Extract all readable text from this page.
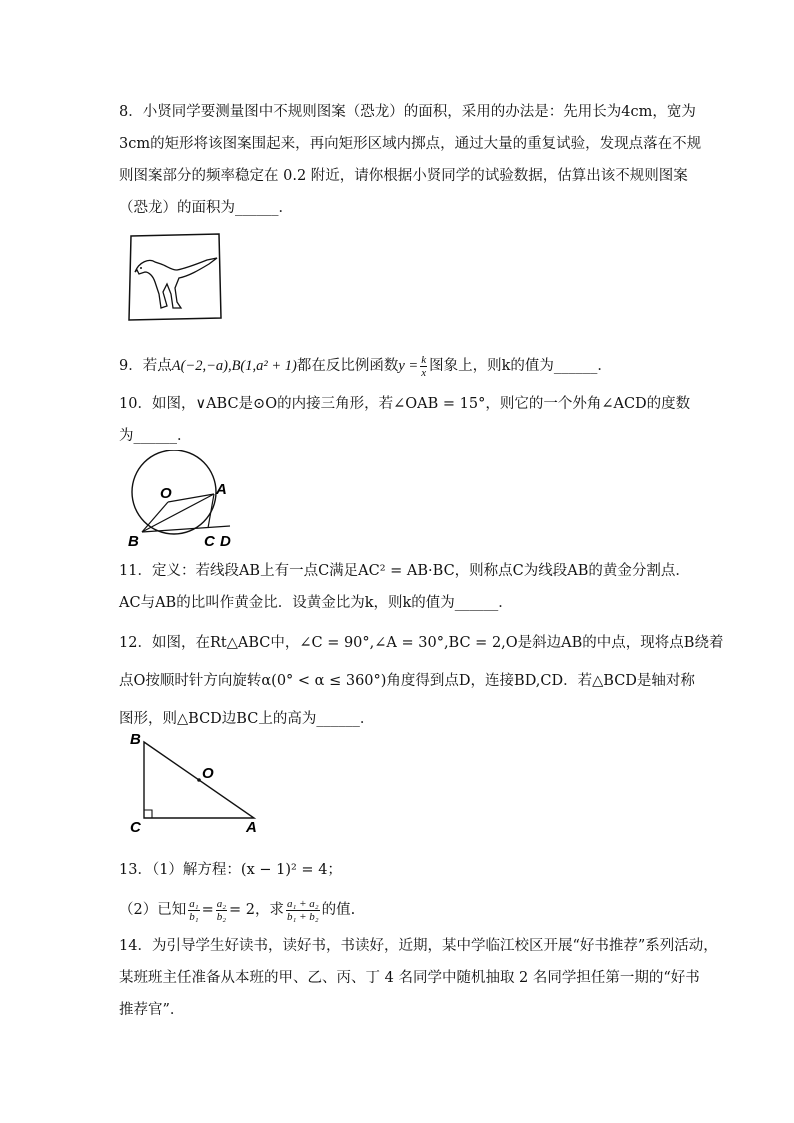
8．小贤同学要测量图中不规则图案（恐龙）的面积，采用的办法是：先用长为4cm，宽为
3cm的矩形将该图案围起来，再向矩形区域内掷点，通过大量的重复试验，发现点落在不规
则图案部分的频率稳定在 0.2 附近，请你根据小贤同学的试验数据，估算出该不规则图案
（恐龙）的面积为______．
9．若点A(−2,−a),B(1,a² + 1)都在反比例函数$y = \frac{k}{x}$ 图象上，则k的值为______．
10．如图，∨ABC是⊙O的内接三角形，若∠OAB = 15°，则它的一个外角∠ACD的度数
为______．
O	A
B	C D
11．定义：若线段AB上有一点C满足AC² = AB·BC，则称点C为线段AB的黄金分割点．
AC与AB的比叫作黄金比．设黄金比为k，则k的值为______．
12．如图，在Rt△ABC中，∠C = 90°,∠A = 30°,BC = 2,O是斜边AB的中点，现将点B绕着
点O按顺时针方向旋转α(0° < α ≤ 360°)角度得到点D，连接BD,CD．若△BCD是轴对称
图形，则△BCD边BC上的高为______．
B
O
C	A
13．（1）解方程：(x − 1)² = 4；
（2）已知 $\frac{\text{a₁}}{\text{b₁}} = \frac{\text{a₂}}{\text{b₂}} = 2$，求 $\frac{\text{a₁ + a₂}}{\text{b₁ + b₂}}$ 的值.
14．为引导学生好读书，读好书，书读好，近期，某中学临江校区开展“好书推荐”系列活动，
某班班主任准备从本班的甲、乙、丙、丁 4 名同学中随机抽取 2 名同学担任第一期的“好书
推荐官”．
